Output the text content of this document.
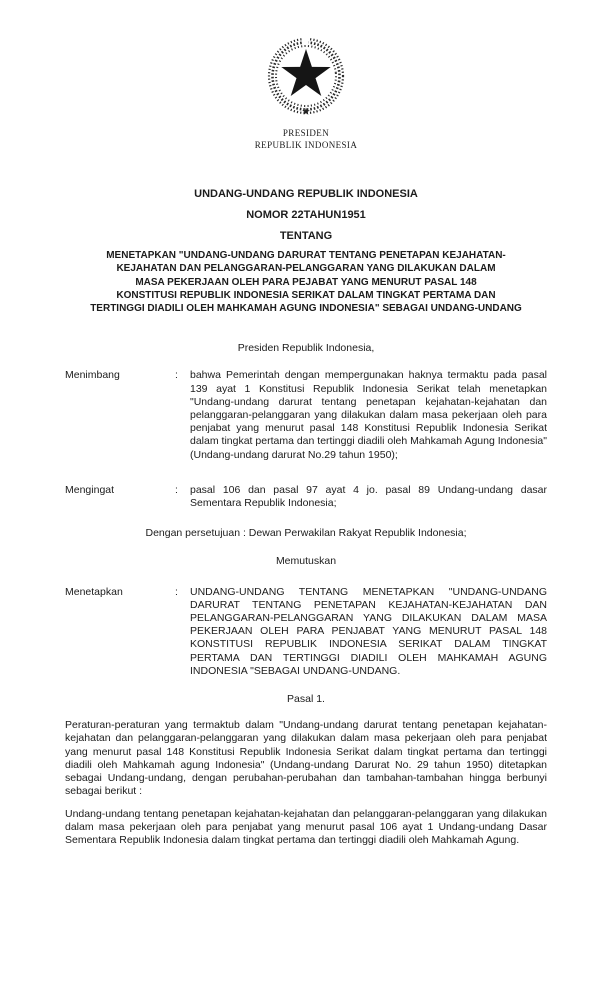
PRESIDEN
REPUBLIK INDONESIA
UNDANG-UNDANG REPUBLIK INDONESIA
NOMOR 22TAHUN1951
TENTANG
MENETAPKAN "UNDANG-UNDANG DARURAT TENTANG PENETAPAN KEJAHATAN-
KEJAHATAN DAN PELANGGARAN-PELANGGARAN YANG DILAKUKAN DALAM
MASA PEKERJAAN OLEH PARA PEJABAT YANG MENURUT PASAL 148
KONSTITUSI REPUBLIK INDONESIA SERIKAT DALAM TINGKAT PERTAMA DAN
TERTINGGI DIADILI OLEH MAHKAMAH AGUNG INDONESIA" SEBAGAI UNDANG-UNDANG
Presiden Republik Indonesia,
Menimbang	:	bahwa Pemerintah dengan mempergunakan haknya termaktu pada pasal 139 ayat 1 Konstitusi Republik Indonesia Serikat telah menetapkan "Undang-undang darurat tentang penetapan kejahatan-kejahatan dan pelanggaran-pelanggaran yang dilakukan dalam masa pekerjaan oleh para penjabat yang menurut pasal 148 Konstitusi Republik Indonesia Serikat dalam tingkat pertama dan tertinggi diadili oleh Mahkamah Agung Indonesia" (Undang-undang darurat No.29 tahun 1950);
Mengingat	:	pasal 106 dan pasal 97 ayat 4 jo. pasal 89 Undang-undang dasar Sementara Republik Indonesia;
Dengan persetujuan : Dewan Perwakilan Rakyat Republik Indonesia;
Memutuskan
Menetapkan	:	UNDANG-UNDANG TENTANG MENETAPKAN "UNDANG-UNDANG DARURAT TENTANG PENETAPAN KEJAHATAN-KEJAHATAN DAN PELANGGARAN-PELANGGARAN YANG DILAKUKAN DALAM MASA PEKERJAAN OLEH PARA PENJABAT YANG MENURUT PASAL 148 KONSTITUSI REPUBLIK INDONESIA SERIKAT DALAM TINGKAT PERTAMA DAN TERTINGGI DIADILI OLEH MAHKAMAH AGUNG INDONESIA "SEBAGAI UNDANG-UNDANG.
Pasal 1.
Peraturan-peraturan yang termaktub dalam "Undang-undang darurat tentang penetapan kejahatan-kejahatan dan pelanggaran-pelanggaran yang dilakukan dalam masa pekerjaan oleh para penjabat yang menurut pasal 148 Konstitusi Republik Indonesia Serikat dalam tingkat pertama dan tertinggi diadili oleh Mahkamah agung Indonesia" (Undang-undang Darurat No. 29 tahun 1950) ditetapkan sebagai Undang-undang, dengan perubahan-perubahan dan tambahan-tambahan hingga berbunyi sebagai berikut :
Undang-undang tentang penetapan kejahatan-kejahatan dan pelanggaran-pelanggaran yang dilakukan dalam masa pekerjaan oleh para penjabat yang menurut pasal 106 ayat 1 Undang-undang Dasar Sementara Republik Indonesia dalam tingkat pertama dan tertinggi diadili oleh Mahkamah Agung.
